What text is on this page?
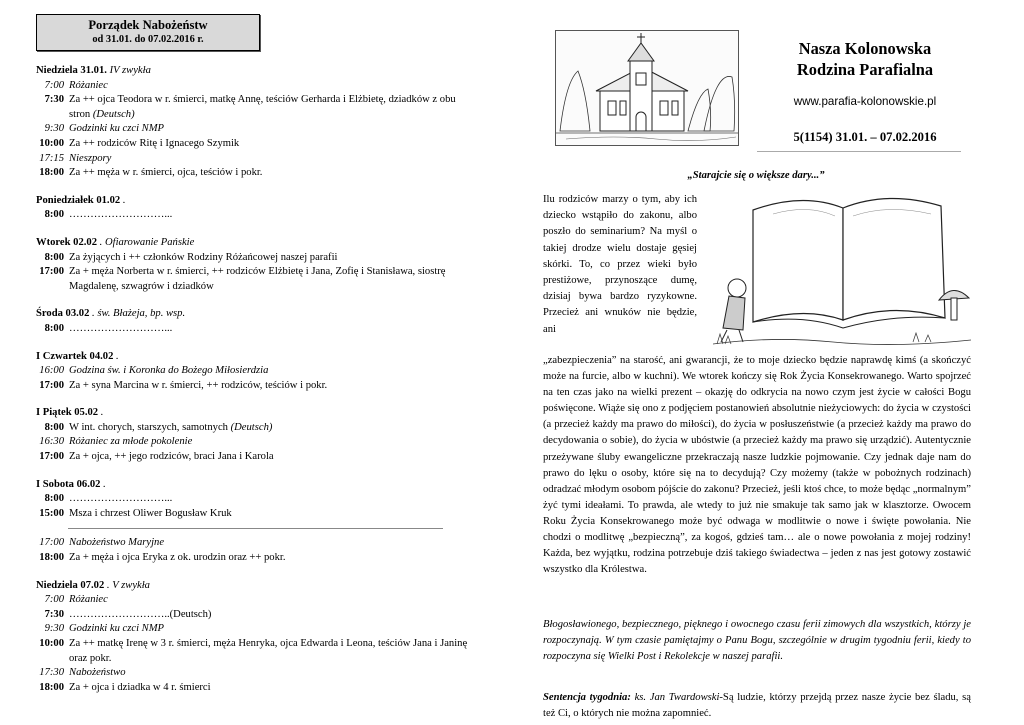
Porządek Nabożeństw
od 31.01. do 07.02.2016 r.
Niedziela 31.01. IV zwykła
7:00 Różaniec
7:30 Za ++ ojca Teodora w r. śmierci, matkę Annę, teściów Gerharda i Elżbietę, dziadków z obu stron (Deutsch)
9:30 Godzinki ku czci NMP
10:00 Za ++ rodziców Ritę i Ignacego Szymik
17:15 Nieszpory
18:00 Za ++ męża w r. śmierci, ojca, teściów i pokr.
Poniedziałek 01.02 .
8:00 ………………………...
Wtorek 02.02 . Ofiarowanie Pańskie
8:00 Za żyjących i ++ członków Rodziny Różańcowej naszej parafii
17:00 Za + męża Norberta w r. śmierci, ++ rodziców Elżbietę i Jana, Zofię i Stanisława, siostrę Magdalenę, szwagrów i dziadków
Środa 03.02 . św. Błażeja, bp. wsp.
8:00 ………………………...
I Czwartek 04.02 .
16:00 Godzina św. i Koronka do Bożego Miłosierdzia
17:00 Za + syna Marcina w r. śmierci, ++ rodziców, teściów i pokr.
I Piątek 05.02 .
8:00 W int. chorych, starszych, samotnych (Deutsch)
16:30 Różaniec za młode pokolenie
17:00 Za + ojca, ++ jego rodziców, braci Jana i Karola
I Sobota 06.02 .
8:00 ………………………...
15:00 Msza i chrzest Oliwer Bogusław Kruk
17:00 Nabożeństwo Maryjne
18:00 Za + męża i ojca Eryka z ok. urodzin oraz ++ pokr.
Niedziela 07.02 . V zwykła
7:00 Różaniec
7:30 ………………………..(Deutsch)
9:30 Godzinki ku czci NMP
10:00 Za ++ matkę Irenę w 3 r. śmierci, męża Henryka, ojca Edwarda i Leona, teściów Jana i Janinę oraz pokr.
17:30 Nabożeństwo
18:00 Za + ojca i dziadka w 4 r. śmierci
Nasza Kolonowska
Rodzina Parafialna
www.parafia-kolonowskie.pl
5(1154) 31.01. – 07.02.2016
„Starajcie się o większe dary...”
Ilu rodziców marzy o tym, aby ich dziecko wstąpiło do zakonu, albo poszło do seminarium? Na myśl o takiej drodze wielu dostaje gęsiej skórki. To, co przez wieki było prestiżowe, przynoszące dumę, dzisiaj bywa bardzo ryzykowne. Przecież ani wnuków nie będzie, ani

„zabezpieczenia” na starość, ani gwarancji, że to moje dziecko będzie naprawdę kimś (a skończyć może na furcie, albo w kuchni). We wtorek kończy się Rok Życia Konsekrowanego. Warto spojrzeć na ten czas jako na wielki prezent – okazję do odkrycia na nowo czym jest życie w całości Bogu poświęcone. Wiąże się ono z podjęciem postanowień absolutnie nieżyciowych: do życia w czystości (a przecież każdy ma prawo do miłości), do życia w posłuszeństwie (a przecież każdy ma prawo do decydowania o sobie), do życia w ubóstwie (a przecież każdy ma prawo się urządzić). Autentycznie przeżywane śluby ewangeliczne przekraczają nasze ludzkie pojmowanie. Czy jednak daje nam do prawo do lęku o osoby, które się na to decydują? Czy możemy (także w pobożnych rodzinach) odradzać młodym osobom pójście do zakonu? Przecież, jeśli ktoś chce, to może będąc „normalnym” żyć tymi ideałami. To prawda, ale wtedy to już nie smakuje tak samo jak w klasztorze. Owocem Roku Życia Konsekrowanego może być odwaga w modlitwie o nowe i święte powołania. Nie chodzi o modlitwę „bezpieczną”, za kogoś, gdzieś tam… ale o nowe powołania z mojej rodziny! Każda, bez wyjątku, rodzina potrzebuje dziś takiego świadectwa – jeden z nas jest gotowy zostawić wszystko dla Królestwa.

Błogosławionego, bezpiecznego, pięknego i owocnego czasu ferii zimowych dla wszystkich, którzy je rozpoczynają. W tym czasie pamiętajmy o Panu Bogu, szczególnie w drugim tygodniu ferii, kiedy to rozpoczyna się Wielki Post i Rekolekcje w naszej parafii.
Sentencja tygodnia: ks. Jan Twardowski-Są ludzie, którzy przejdą przez nasze życie bez śladu, są też Ci, o których nie można zapomnieć.
